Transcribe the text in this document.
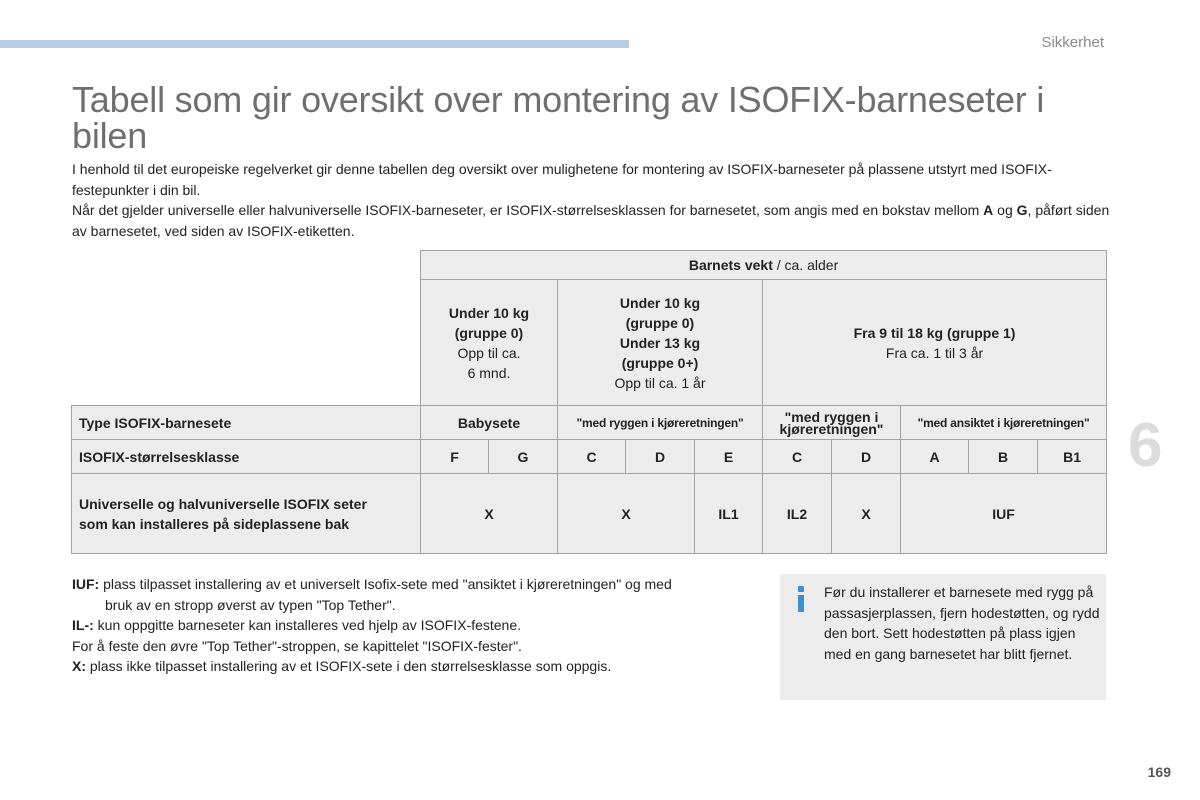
Sikkerhet
Tabell som gir oversikt over montering av ISOFIX-barneseter i bilen

I henhold til det europeiske regelverket gir denne tabellen deg oversikt over mulighetene for montering av ISOFIX-barneseter på plassene utstyrt med ISOFIX-festepunkter i din bil.

Når det gjelder universelle eller halvuniverselle ISOFIX-barneseter, er ISOFIX-størrelsesklassen for barnesetet, som angis med en bokstav mellom A og G, påført siden av barnesetet, ved siden av ISOFIX-etiketten.

	Barnets vekt / ca. alder									

	Under 10 kg
(gruppe 0)
Opp til ca.
6 mnd.		Under 10 kg
(gruppe 0)
Under 13 kg
(gruppe 0+)
Opp til ca. 1 år			Fra 9 til 18 kg (gruppe 1)
Fra ca. 1 til 3 år				

Type ISOFIX-barnesete	Babysete		"med ryggen i kjøreretningen"			"med ryggen i kjøreretningen"		"med ansiktet i kjøreretningen"		
ISOFIX-størrelsesklasse	F	G	C	D	E	C	D	A	B	B1

Universelle og halvuniverselle ISOFIX seter
som kan installeres på sideplassene bak	X		X		IL1	IL2	X	IUF		

IUF: plass tilpasset installering av et universelt Isofix-sete med "ansiktet i kjøreretningen" og med

bruk av en stropp øverst av typen "Top Tether".

IL-: kun oppgitte barneseter kan installeres ved hjelp av ISOFIX-festene.

For å feste den øvre "Top Tether"-stroppen, se kapittelet "ISOFIX-fester".

X: plass ikke tilpasset installering av et ISOFIX-sete i den størrelsesklasse som oppgis.

Før du installerer et barnesete med rygg på passasjerplassen, fjern hodestøtten, og rydd den bort. Sett hodestøtten på plass igjen med en gang barnesetet har blitt fjernet.
6
169
